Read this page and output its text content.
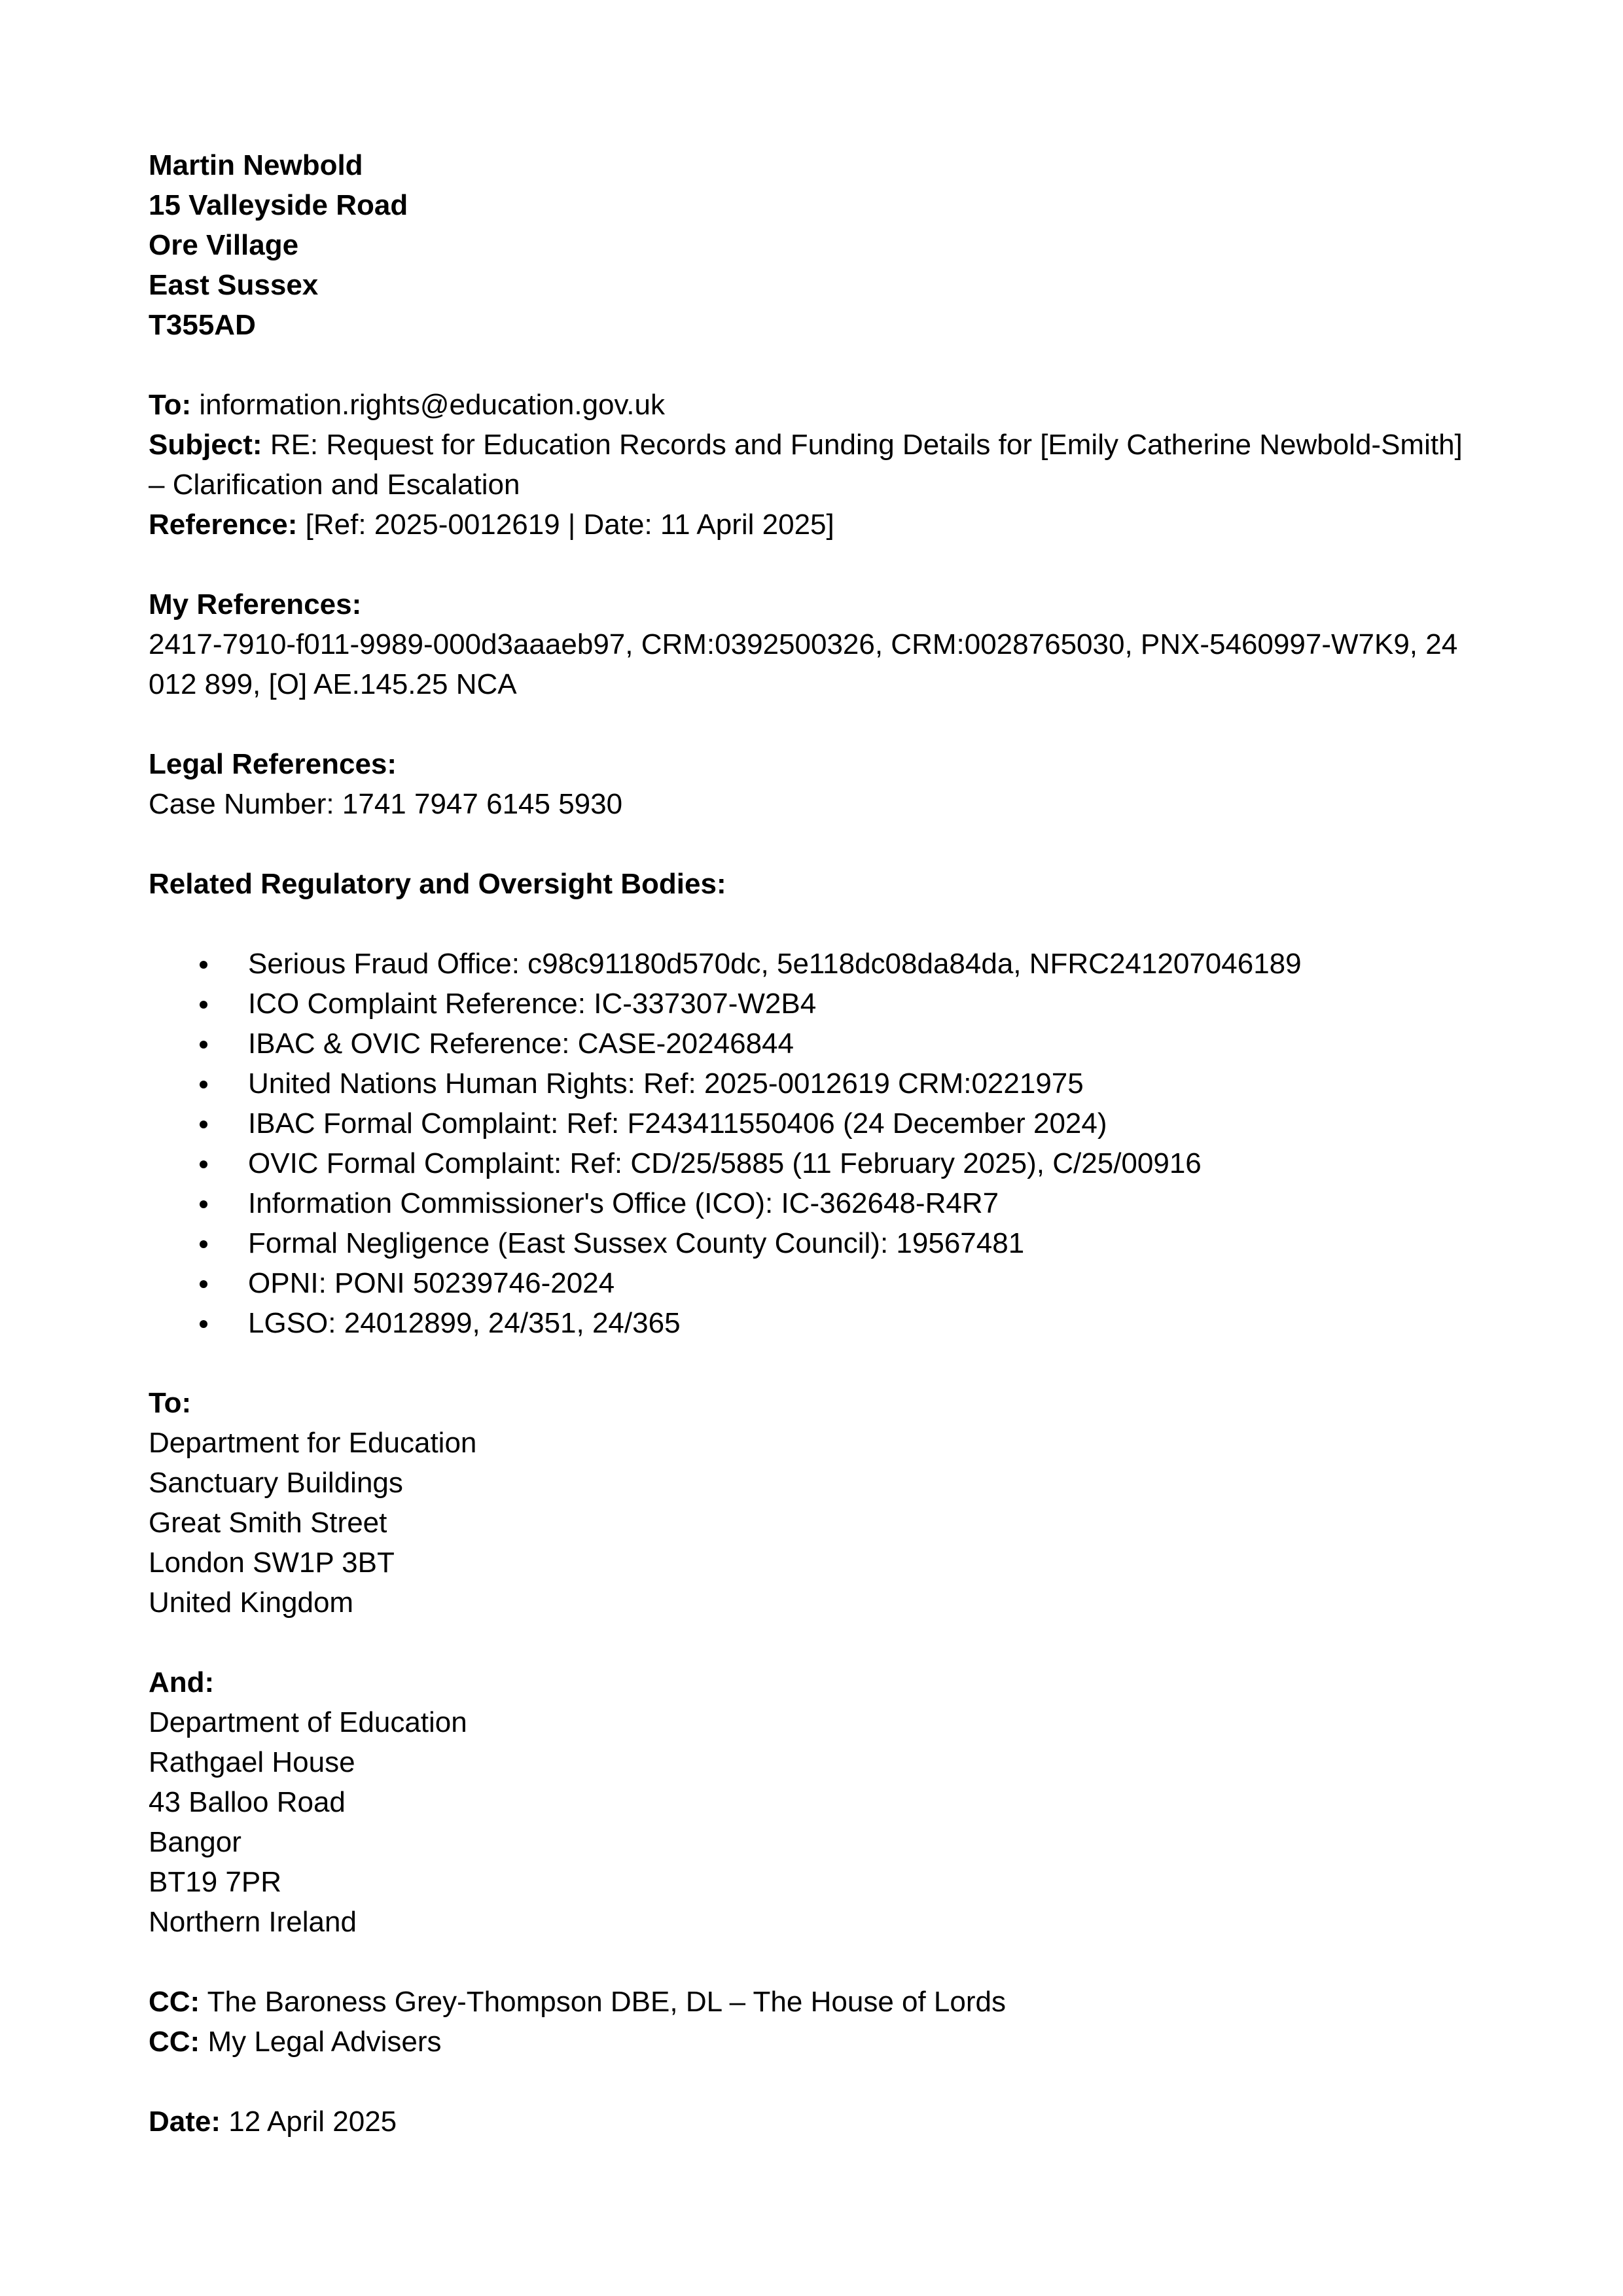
Martin Newbold
15 Valleyside Road
Ore Village
East Sussex
T355AD
To: information.rights@education.gov.uk
Subject: RE: Request for Education Records and Funding Details for [Emily Catherine Newbold-Smith] – Clarification and Escalation
Reference: [Ref: 2025-0012619 | Date: 11 April 2025]
My References:
2417-7910-f011-9989-000d3aaaeb97, CRM:0392500326, CRM:0028765030, PNX-5460997-W7K9, 24 012 899, [O] AE.145.25 NCA
Legal References:
Case Number: 1741 7947 6145 5930
Related Regulatory and Oversight Bodies:
Serious Fraud Office: c98c91180d570dc, 5e118dc08da84da, NFRC241207046189
ICO Complaint Reference: IC-337307-W2B4
IBAC & OVIC Reference: CASE-20246844
United Nations Human Rights: Ref: 2025-0012619 CRM:0221975
IBAC Formal Complaint: Ref: F243411550406 (24 December 2024)
OVIC Formal Complaint: Ref: CD/25/5885 (11 February 2025), C/25/00916
Information Commissioner's Office (ICO): IC-362648-R4R7
Formal Negligence (East Sussex County Council): 19567481
OPNI: PONI 50239746-2024
LGSO: 24012899, 24/351, 24/365
To:
Department for Education
Sanctuary Buildings
Great Smith Street
London SW1P 3BT
United Kingdom
And:
Department of Education
Rathgael House
43 Balloo Road
Bangor
BT19 7PR
Northern Ireland
CC: The Baroness Grey-Thompson DBE, DL – The House of Lords
CC: My Legal Advisers
Date: 12 April 2025
